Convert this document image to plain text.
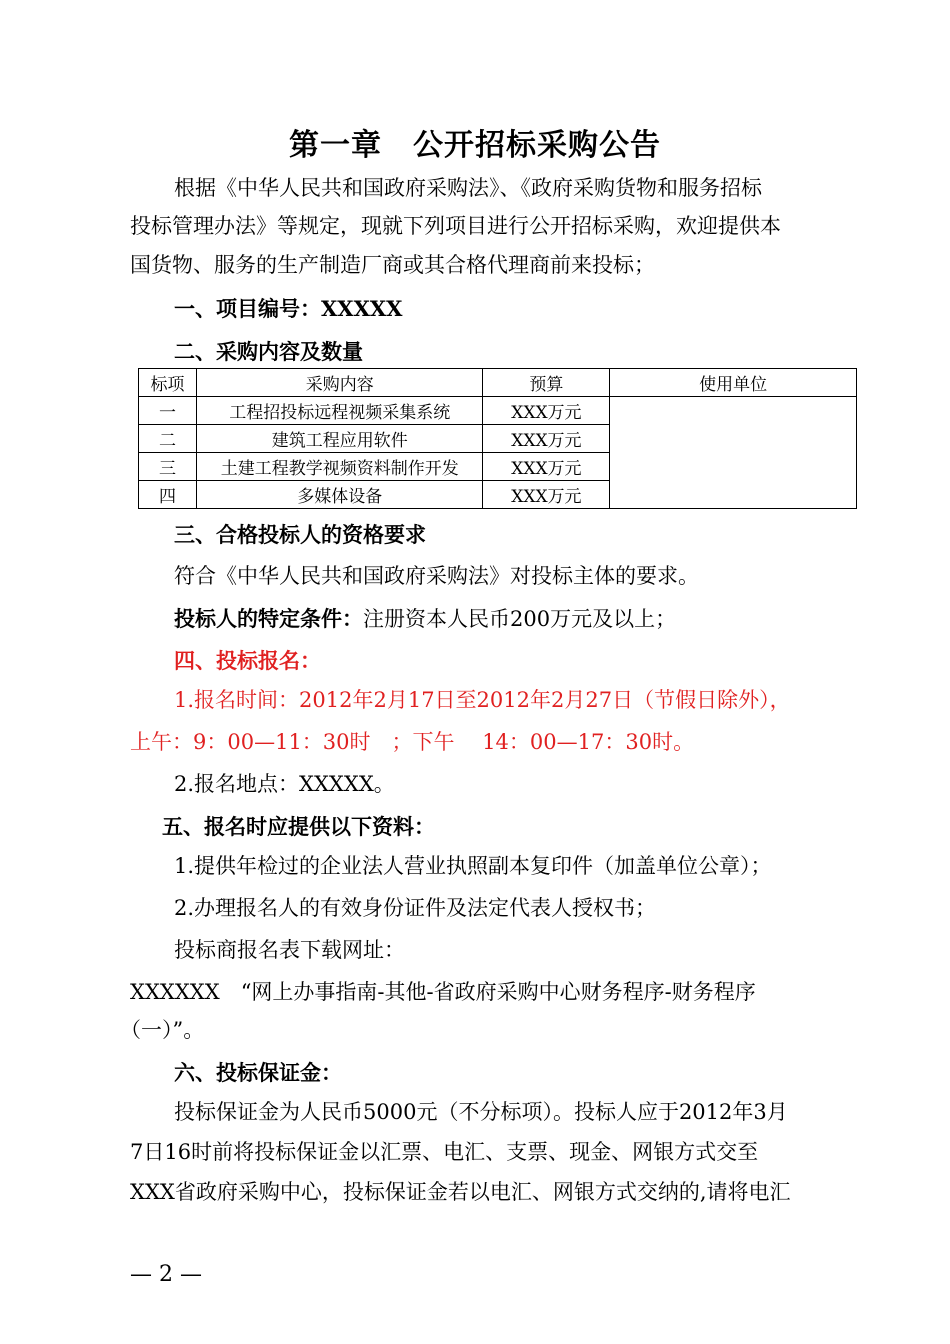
第一章　公开招标采购公告
根据《中华人民共和国政府采购法》、《政府采购货物和服务招标
投标管理办法》等规定，现就下列项目进行公开招标采购，欢迎提供本
国货物、服务的生产制造厂商或其合格代理商前来投标；
一、项目编号：XXXXX
二、采购内容及数量
标项	采购内容	预算	使用单位
一	工程招投标远程视频采集系统	XXX万元	
二	建筑工程应用软件	XXX万元	
三	土建工程教学视频资料制作开发	XXX万元	
四	多媒体设备	XXX万元	
三、合格投标人的资格要求
符合《中华人民共和国政府采购法》对投标主体的要求。
投标人的特定条件：注册资本人民币200万元及以上；
四、投标报名：
1.报名时间：2012年2月17日至2012年2月27日（节假日除外），
上午：9：00—11：30时　；下午　 14：00—17：30时。
2.报名地点：XXXXX。
五、报名时应提供以下资料：
1.提供年检过的企业法人营业执照副本复印件（加盖单位公章）；
2.办理报名人的有效身份证件及法定代表人授权书；
投标商报名表下载网址：
XXXXXX　“网上办事指南-其他-省政府采购中心财务程序-财务程序
（一）”。
六、投标保证金：
投标保证金为人民币5000元（不分标项）。投标人应于2012年3月
7日16时前将投标保证金以汇票、电汇、支票、现金、网银方式交至
XXX省政府采购中心，投标保证金若以电汇、网银方式交纳的,请将电汇
— 2 —
